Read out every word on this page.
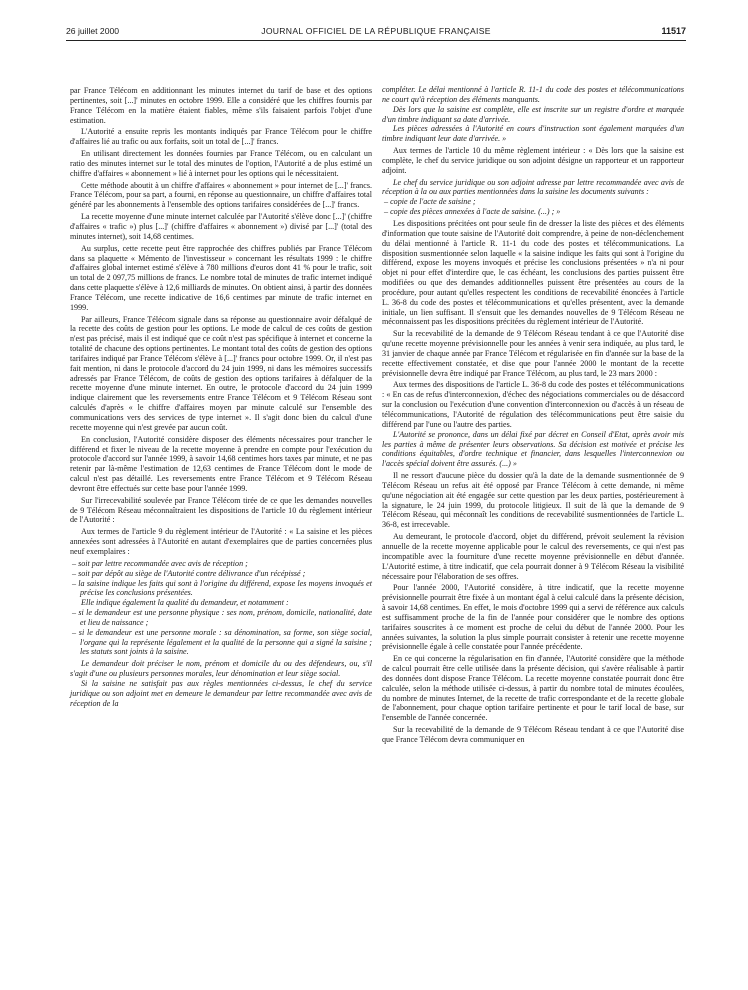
26 juillet 2000	JOURNAL OFFICIEL DE LA RÉPUBLIQUE FRANÇAISE	11517

par France Télécom en additionnant les minutes internet du tarif de base et des options pertinentes, soit [...]' minutes en octobre 1999. Elle a considéré que les chiffres fournis par France Télécom en la matière étaient fiables, même s'ils faisaient parfois l'objet d'une estimation.

L'Autorité a ensuite repris les montants indiqués par France Télécom pour le chiffre d'affaires lié au trafic ou aux forfaits, soit un total de [...]' francs.

En utilisant directement les données fournies par France Télécom, ou en calculant un ratio des minutes internet sur le total des minutes de l'option, l'Autorité a de plus estimé un chiffre d'affaires « abonnement » lié à internet pour les options qui le nécessitaient.

Cette méthode aboutit à un chiffre d'affaires « abonnement » pour internet de [...]' francs. France Télécom, pour sa part, a fourni, en réponse au questionnaire, un chiffre d'affaires total généré par les abonnements à l'ensemble des options tarifaires considérées de [...]' francs.

La recette moyenne d'une minute internet calculée par l'Autorité s'élève donc [...]' (chiffre d'affaires « trafic ») plus [...]' (chiffre d'affaires « abonnement ») divisé par [...]' (total des minutes internet), soit 14,68 centimes.

Au surplus, cette recette peut être rapprochée des chiffres publiés par France Télécom dans sa plaquette « Mémento de l'investisseur » concernant les résultats 1999 : le chiffre d'affaires global internet estimé s'élève à 780 millions d'euros dont 41 % pour le trafic, soit un total de 2 097,75 millions de francs. Le nombre total de minutes de trafic internet indiqué dans cette plaquette s'élève à 12,6 milliards de minutes. On obtient ainsi, à partir des données France Télécom, une recette indicative de 16,6 centimes par minute de trafic internet en 1999.

Par ailleurs, France Télécom signale dans sa réponse au questionnaire avoir défalqué de la recette des coûts de gestion pour les options. Le mode de calcul de ces coûts de gestion n'est pas précisé, mais il est indiqué que ce coût n'est pas spécifique à internet et concerne la totalité de chacune des options pertinentes. Le montant total des coûts de gestion des options tarifaires indiqué par France Télécom s'élève à [...]' francs pour octobre 1999. Or, il n'est pas fait mention, ni dans le protocole d'accord du 24 juin 1999, ni dans les mémoires successifs adressés par France Télécom, de coûts de gestion des options tarifaires à défalquer de la recette moyenne d'une minute internet. En outre, le protocole d'accord du 24 juin 1999 indique clairement que les reversements entre France Télécom et 9 Télécom Réseau sont calculés d'après « le chiffre d'affaires moyen par minute calculé sur l'ensemble des communications vers des services de type internet ». Il s'agit donc bien du calcul d'une recette moyenne qui n'est grevée par aucun coût.

En conclusion, l'Autorité considère disposer des éléments nécessaires pour trancher le différend et fixer le niveau de la recette moyenne à prendre en compte pour l'exécution du protocole d'accord sur l'année 1999, à savoir 14,68 centimes hors taxes par minute, et ne pas retenir par là-même l'estimation de 12,63 centimes de France Télécom dont le mode de calcul n'est pas détaillé. Les reversements entre France Télécom et 9 Télécom Réseau devront être effectués sur cette base pour l'année 1999.

Sur l'irrecevabilité soulevée par France Télécom tirée de ce que les demandes nouvelles de 9 Télécom Réseau méconnaîtraient les dispositions de l'article 10 du règlement intérieur de l'Autorité :

Aux termes de l'article 9 du règlement intérieur de l'Autorité : « La saisine et les pièces annexées sont adressées à l'Autorité en autant d'exemplaires que de parties concernées plus neuf exemplaires :

– soit par lettre recommandée avec avis de réception ;

– soit par dépôt au siège de l'Autorité contre délivrance d'un récépissé ;

– la saisine indique les faits qui sont à l'origine du différend, expose les moyens invoqués et précise les conclusions présentées.

Elle indique également la qualité du demandeur, et notamment :

– si le demandeur est une personne physique : ses nom, prénom, domicile, nationalité, date et lieu de naissance ;

– si le demandeur est une personne morale : sa dénomination, sa forme, son siège social, l'organe qui la représente légalement et la qualité de la personne qui a signé la saisine ; les statuts sont joints à la saisine.

Le demandeur doit préciser le nom, prénom et domicile du ou des défendeurs, ou, s'il s'agit d'une ou plusieurs personnes morales, leur dénomination et leur siège social.

Si la saisine ne satisfait pas aux règles mentionnées ci-dessus, le chef du service juridique ou son adjoint met en demeure le demandeur par lettre recommandée avec avis de réception de la

compléter. Le délai mentionné à l'article R. 11-1 du code des postes et télécommunications ne court qu'à réception des éléments manquants.

Dès lors que la saisine est complète, elle est inscrite sur un registre d'ordre et marquée d'un timbre indiquant sa date d'arrivée.

Les pièces adressées à l'Autorité en cours d'instruction sont également marquées d'un timbre indiquant leur date d'arrivée. »

Aux termes de l'article 10 du même règlement intérieur : « Dès lors que la saisine est complète, le chef du service juridique ou son adjoint désigne un rapporteur et un rapporteur adjoint.

Le chef du service juridique ou son adjoint adresse par lettre recommandée avec avis de réception à la ou aux parties mentionnées dans la saisine les documents suivants :

– copie de l'acte de saisine ;

– copie des pièces annexées à l'acte de saisine. (...) ; »

Les dispositions précitées ont pour seule fin de dresser la liste des pièces et des éléments d'information que toute saisine de l'Autorité doit comprendre, à peine de non-déclenchement du délai mentionné à l'article R. 11-1 du code des postes et télécommunications. La disposition susmentionnée selon laquelle « la saisine indique les faits qui sont à l'origine du différend, expose les moyens invoqués et précise les conclusions présentées » n'a ni pour objet ni pour effet d'interdire que, le cas échéant, les conclusions des parties puissent être modifiées ou que des demandes additionnelles puissent être présentées au cours de la procédure, pour autant qu'elles respectent les conditions de recevabilité énoncées à l'article L. 36-8 du code des postes et télécommunications et qu'elles présentent, avec la demande initiale, un lien suffisant. Il s'ensuit que les demandes nouvelles de 9 Télécom Réseau ne méconnaissent pas les dispositions précitées du règlement intérieur de l'Autorité.

Sur la recevabilité de la demande de 9 Télécom Réseau tendant à ce que l'Autorité dise qu'une recette moyenne prévisionnelle pour les années à venir sera indiquée, au plus tard, le 31 janvier de chaque année par France Télécom et régularisée en fin d'année sur la base de la recette effectivement constatée, et dise que pour l'année 2000 le montant de la recette prévisionnelle devra être indiqué par France Télécom, au plus tard, le 23 mars 2000 :

Aux termes des dispositions de l'article L. 36-8 du code des postes et télécommunications : « En cas de refus d'interconnexion, d'échec des négociations commerciales ou de désaccord sur la conclusion ou l'exécution d'une convention d'interconnexion ou d'accès à un réseau de télécommunications, l'Autorité de régulation des télécommunications peut être saisie du différend par l'une ou l'autre des parties.

L'Autorité se prononce, dans un délai fixé par décret en Conseil d'Etat, après avoir mis les parties à même de présenter leurs observations. Sa décision est motivée et précise les conditions équitables, d'ordre technique et financier, dans lesquelles l'interconnexion ou l'accès spécial doivent être assurés. (...) »

Il ne ressort d'aucune pièce du dossier qu'à la date de la demande susmentionnée de 9 Télécom Réseau un refus ait été opposé par France Télécom à cette demande, ni même qu'une négociation ait été engagée sur cette question par les deux parties, postérieurement à la signature, le 24 juin 1999, du protocole litigieux. Il suit de là que la demande de 9 Télécom Réseau, qui méconnaît les conditions de recevabilité susmentionnées de l'article L. 36-8, est irrecevable.

Au demeurant, le protocole d'accord, objet du différend, prévoit seulement la révision annuelle de la recette moyenne applicable pour le calcul des reversements, ce qui n'est pas incompatible avec la fourniture d'une recette moyenne prévisionnelle en début d'année. L'Autorité estime, à titre indicatif, que cela pourrait donner à 9 Télécom Réseau la visibilité nécessaire pour l'élaboration de ses offres.

Pour l'année 2000, l'Autorité considère, à titre indicatif, que la recette moyenne prévisionnelle pourrait être fixée à un montant égal à celui calculé dans la présente décision, à savoir 14,68 centimes. En effet, le mois d'octobre 1999 qui a servi de référence aux calculs est suffisamment proche de la fin de l'année pour considérer que le nombre des options tarifaires souscrites à ce moment est proche de celui du début de l'année 2000. Pour les années suivantes, la solution la plus simple pourrait consister à retenir une recette moyenne prévisionnelle égale à celle constatée pour l'année précédente.

En ce qui concerne la régularisation en fin d'année, l'Autorité considère que la méthode de calcul pourrait être celle utilisée dans la présente décision, qui s'avère réalisable à partir des données dont dispose France Télécom. La recette moyenne constatée pourrait donc être calculée, selon la méthode utilisée ci-dessus, à partir du nombre total de minutes écoulées, du nombre de minutes Internet, de la recette de trafic correspondante et de la recette globale de l'abonnement, pour chaque option tarifaire pertinente et pour le tarif local de base, sur l'ensemble de l'année concernée.

Sur la recevabilité de la demande de 9 Télécom Réseau tendant à ce que l'Autorité dise que France Télécom devra communiquer en
